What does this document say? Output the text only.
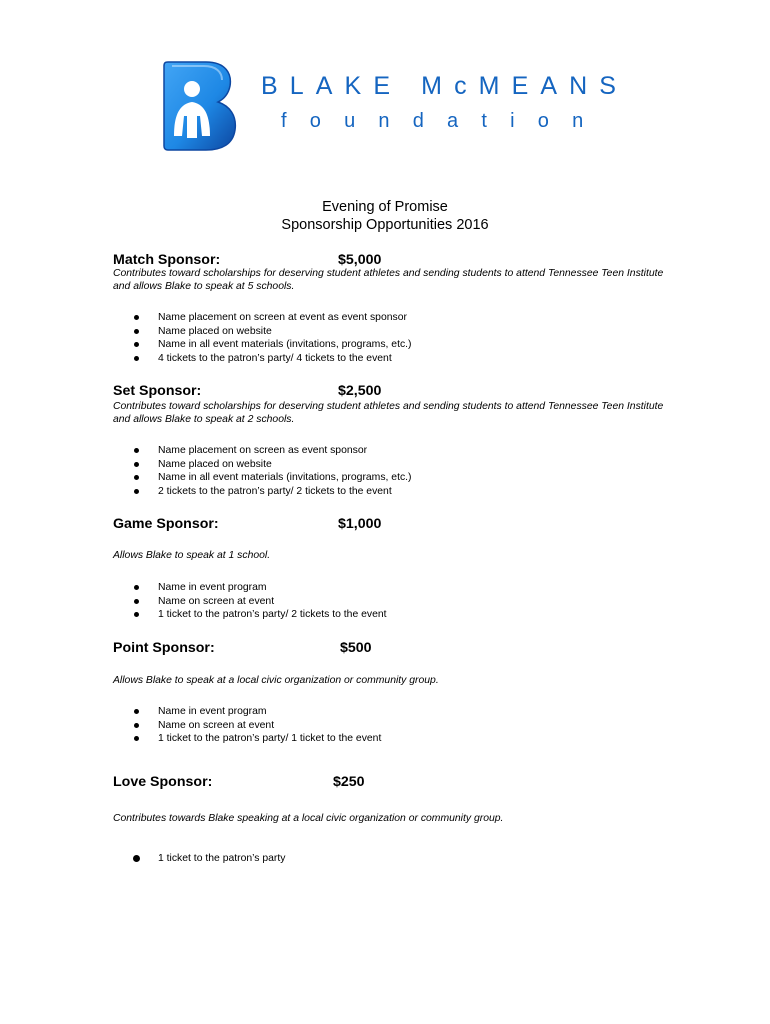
BLAKE McMEANS
foundation
Evening of Promise
Sponsorship Opportunities 2016
Match Sponsor:	$5,000
Contributes toward scholarships for deserving student athletes and sending students to attend Tennessee Teen Institute and allows Blake to speak at 5 schools.
Name placement on screen at event as event sponsor
Name placed on website
Name in all event materials (invitations, programs, etc.)
4 tickets to the patron’s party/ 4 tickets to the event
Set Sponsor:	$2,500
Contributes toward scholarships for deserving student athletes and sending students to attend Tennessee Teen Institute and allows Blake to speak at 2 schools.
Name placement on screen as event sponsor
Name placed on website
Name in all event materials (invitations, programs, etc.)
2 tickets to the patron’s party/ 2 tickets to the event
Game Sponsor:	$1,000
Allows Blake to speak at 1 school.
Name in event program
Name on screen at event
1 ticket to the patron’s party/ 2 tickets to the event
Point Sponsor:	$500
Allows Blake to speak at a local civic organization or community group.
Name in event program
Name on screen at event
1 ticket to the patron’s party/ 1 ticket to the event
Love Sponsor:	$250
Contributes towards Blake speaking at a local civic organization or community group.
1 ticket to the patron’s party
